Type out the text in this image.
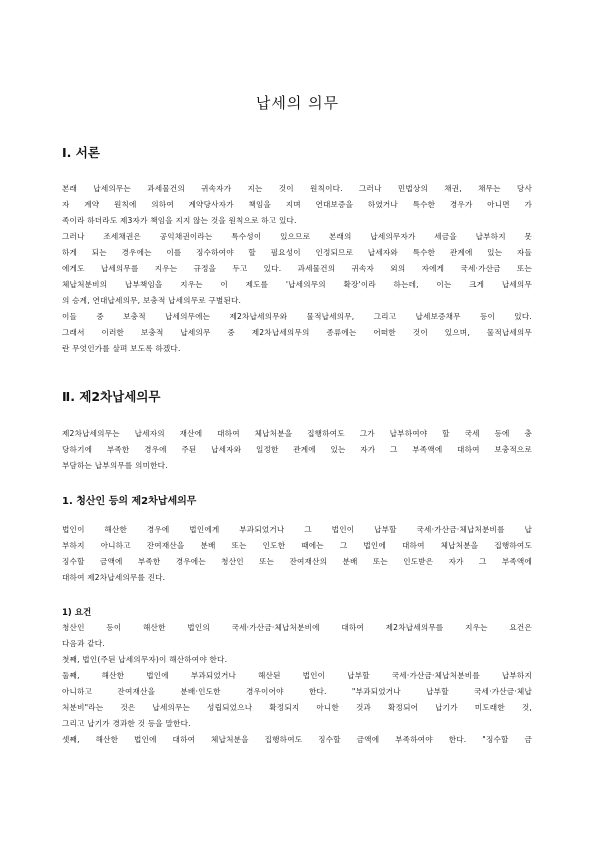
납세의 의무
Ⅰ. 서론
본래 납세의무는 과세물건의 귀속자가 지는 것이 원칙이다. 그러나 민법상의 채권, 채무는 당사
자 계약 원칙에 의하여 계약당사자가 책임을 지며 연대보증을 하였거나 특수한 경우가 아니면 가
족이라 하더라도 제3자가 책임을 지지 않는 것을 원칙으로 하고 있다.
그러나 조세채권은 공익채권이라는 특수성이 있으므로 본래의 납세의무자가 세금을 납부하지 못
하게 되는 경우에는 이를 징수하여야 할 필요성이 인정되므로 납세자와 특수한 관계에 있는 자들
에게도 납세의무를 지우는 규정을 두고 있다. 과세물건의 귀속자 외의 자에게 국세·가산금 또는
체납처분비의 납부책임을 지우는 이 제도를 '납세의무의 확장'이라 하는데, 이는 크게 납세의무
의 승계, 연대납세의무, 보충적 납세의무로 구별된다.
이들 중 보충적 납세의무에는 제2차납세의무와 물적납세의무, 그리고 납세보증채무 등이 있다.
그래서 이러한 보충적 납세의무 중 제2차납세의무의 종류에는 어떠한 것이 있으며, 물적납세의무
란 무엇인가를 살펴 보도록 하겠다.
Ⅱ. 제2차납세의무
제2차납세의무는 납세자의 재산에 대하여 체납처분을 집행하여도 그가 납부하여야 할 국세 등에 충
당하기에 부족한 경우에 주된 납세자와 일정한 관계에 있는 자가 그 부족액에 대하여 보충적으로
부담하는 납부의무를 의미한다.
1. 청산인 등의 제2차납세의무
법인이 해산한 경우에 법인에게 부과되었거나 그 법인이 납부할 국세·가산금·체납처분비를 납
부하지 아니하고 잔여재산을 분배 또는 인도한 때에는 그 법인에 대하여 체납처분을 집행하여도
징수할 금액에 부족한 경우에는 청산인 또는 잔여재산의 분배 또는 인도받은 자가 그 부족액에
대하여 제2차납세의무를 진다.
1) 요건
청산인 등이 해산한 법인의 국세·가산금·체납처분비에 대하여 제2차납세의무를 지우는 요건은
다음과 같다.
첫째, 법인(주된 납세의무자)이 해산하여야 한다.
둘째, 해산한 법인에 부과되었거나 해산된 법인이 납부할 국세·가산금·체납처분비를 납부하지
아니하고 잔여재산을 분배·인도한 경우이어야 한다. "부과되었거나 납부할 국세·가산금·체납
처분비"라는 것은 납세의무는 성립되었으나 확정되지 아니한 것과 확정되어 납기가 미도래한 것,
그리고 납기가 경과한 것 등을 말한다.
셋째, 해산한 법인에 대하여 체납처분을 집행하여도 징수할 금액에 부족하여야 한다. "징수할 금
